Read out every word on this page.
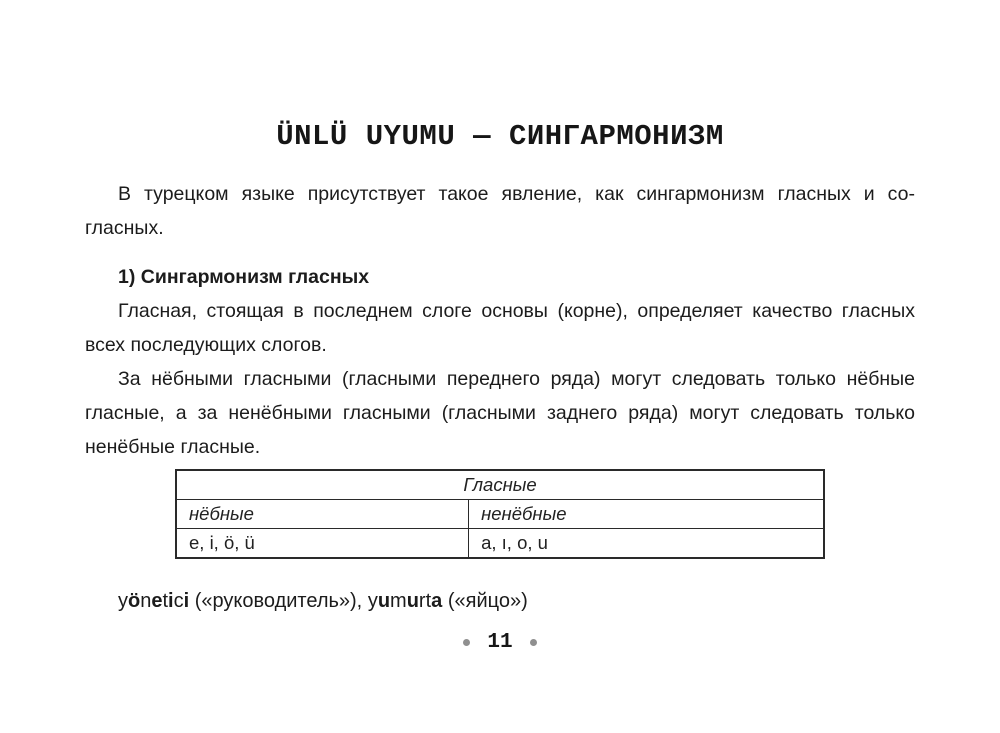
ÜNLÜ UYUMU — СИНГАРМОНИЗМ
В турецком языке присутствует такое явление, как сингармонизм гласных и со-
гласных.
1) Сингармонизм гласных
Гласная, стоящая в последнем слоге основы (корне), определяет качество гласных
всех последующих слогов.
За нёбными гласными (гласными переднего ряда) могут следовать только нёбные
гласные, а за ненёбными гласными (гласными заднего ряда) могут следовать только
ненёбные гласные.
Гласные	
нёбные	ненёбные
e, i, ö, ü	a, ı, o, u
yönetici («руководитель»), yumurta («яйцо»)
11
